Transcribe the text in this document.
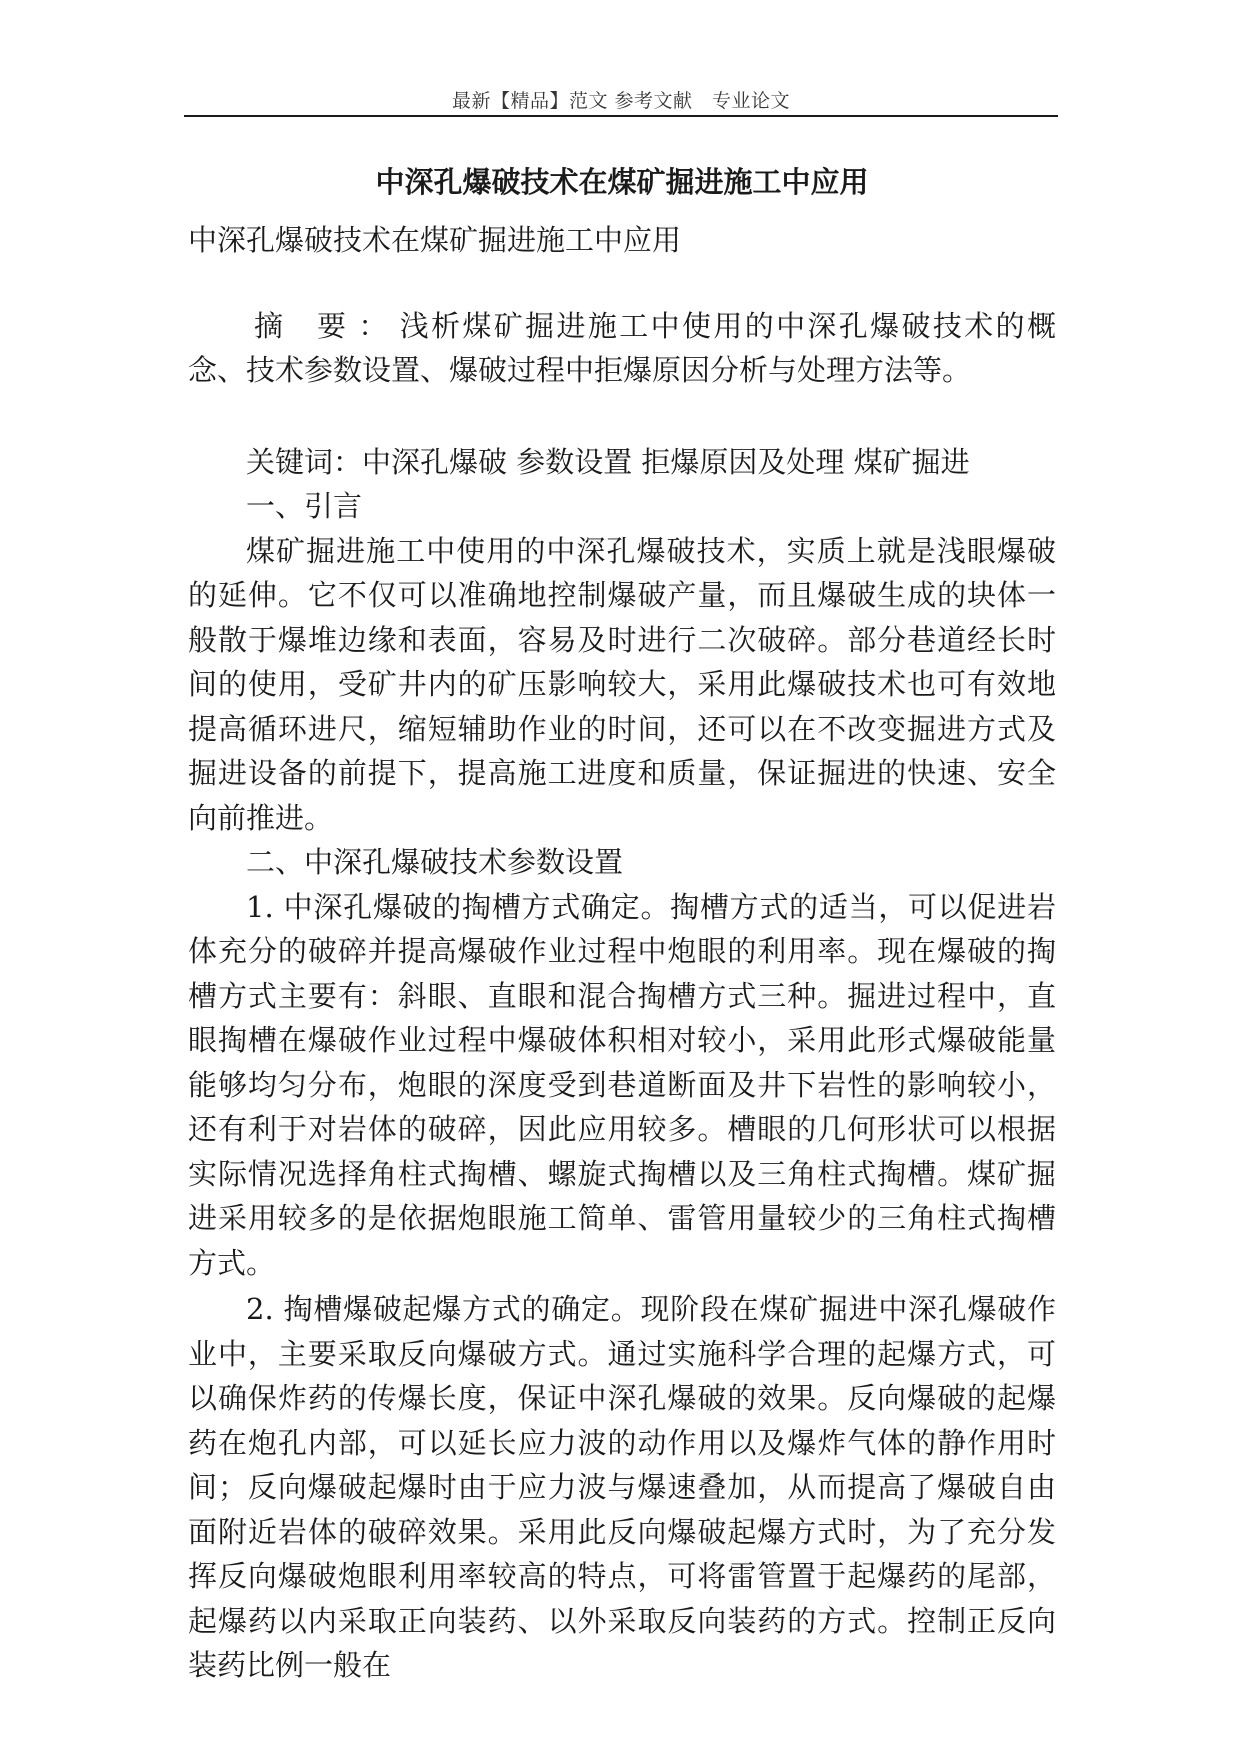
最新【精品】范文 参考文献　专业论文
中深孔爆破技术在煤矿掘进施工中应用
中深孔爆破技术在煤矿掘进施工中应用

摘 要：浅析煤矿掘进施工中使用的中深孔爆破技术的概念、技术参数设置、爆破过程中拒爆原因分析与处理方法等。

关键词：中深孔爆破 参数设置 拒爆原因及处理 煤矿掘进

一、引言

煤矿掘进施工中使用的中深孔爆破技术，实质上就是浅眼爆破的延伸。它不仅可以准确地控制爆破产量，而且爆破生成的块体一般散于爆堆边缘和表面，容易及时进行二次破碎。部分巷道经长时间的使用，受矿井内的矿压影响较大，采用此爆破技术也可有效地提高循环进尺，缩短辅助作业的时间，还可以在不改变掘进方式及掘进设备的前提下，提高施工进度和质量，保证掘进的快速、安全向前推进。

二、中深孔爆破技术参数设置

1. 中深孔爆破的掏槽方式确定。掏槽方式的适当，可以促进岩体充分的破碎并提高爆破作业过程中炮眼的利用率。现在爆破的掏槽方式主要有：斜眼、直眼和混合掏槽方式三种。掘进过程中，直眼掏槽在爆破作业过程中爆破体积相对较小，采用此形式爆破能量能够均匀分布，炮眼的深度受到巷道断面及井下岩性的影响较小，还有利于对岩体的破碎，因此应用较多。槽眼的几何形状可以根据实际情况选择角柱式掏槽、螺旋式掏槽以及三角柱式掏槽。煤矿掘进采用较多的是依据炮眼施工简单、雷管用量较少的三角柱式掏槽方式。

2. 掏槽爆破起爆方式的确定。现阶段在煤矿掘进中深孔爆破作业中，主要采取反向爆破方式。通过实施科学合理的起爆方式，可以确保炸药的传爆长度，保证中深孔爆破的效果。反向爆破的起爆药在炮孔内部，可以延长应力波的动作用以及爆炸气体的静作用时间；反向爆破起爆时由于应力波与爆速叠加，从而提高了爆破自由面附近岩体的破碎效果。采用此反向爆破起爆方式时，为了充分发挥反向爆破炮眼利用率较高的特点，可将雷管置于起爆药的尾部，起爆药以内采取正向装药、以外采取反向装药的方式。控制正反向装药比例一般在
